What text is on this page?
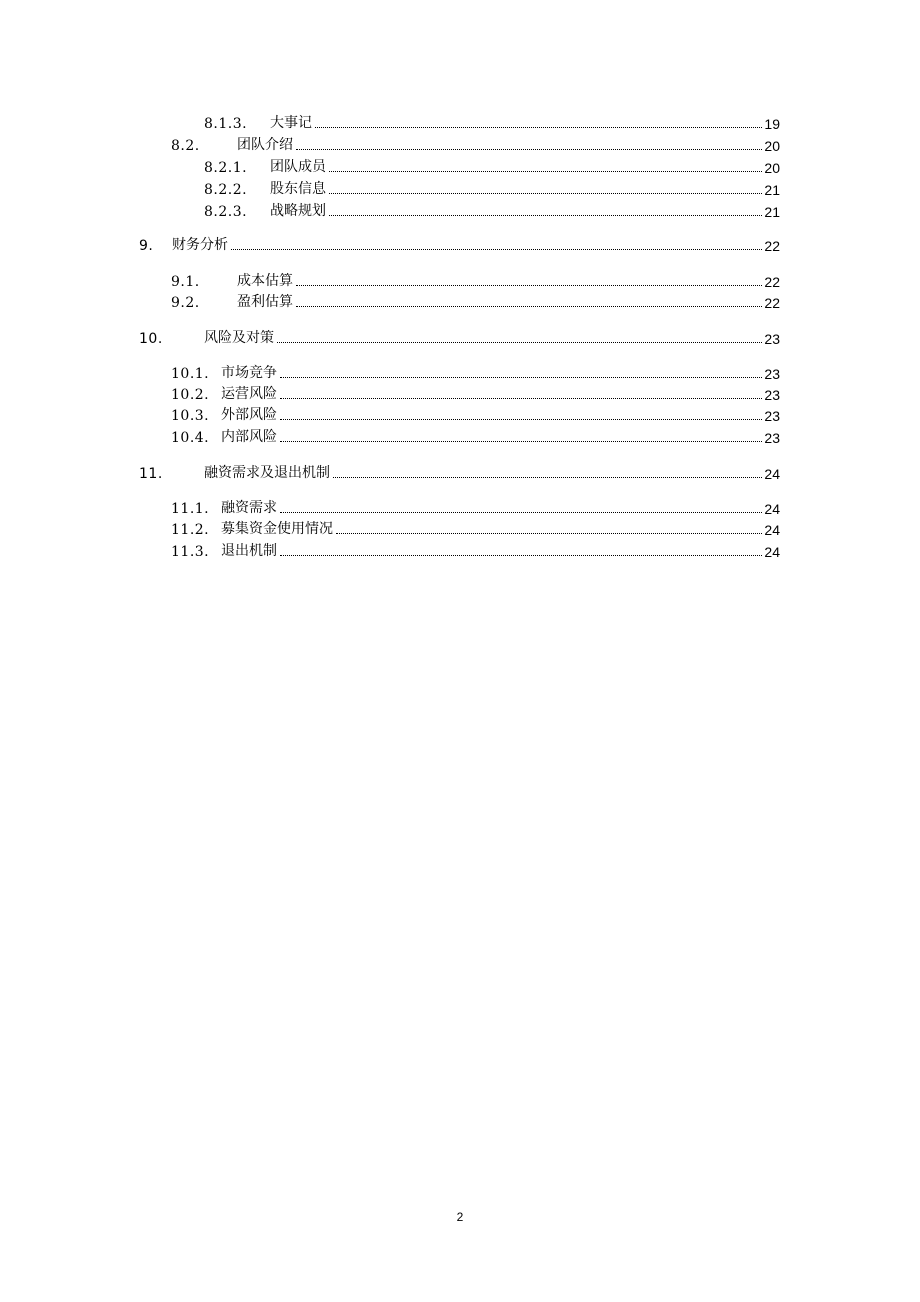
8.1.3.	大事记	19
8.2.	团队介绍	20
8.2.1.	团队成员	20
8.2.2.	股东信息	21
8.2.3.	战略规划	21
9.	财务分析	22
9.1.	成本估算	22
9.2.	盈利估算	22
10.	风险及对策	23
10.1. 市场竞争	23
10.2. 运营风险	23
10.3. 外部风险	23
10.4. 内部风险	23
11.	融资需求及退出机制	24
11.1. 融资需求	24
11.2. 募集资金使用情况	24
11.3. 退出机制	24
2
